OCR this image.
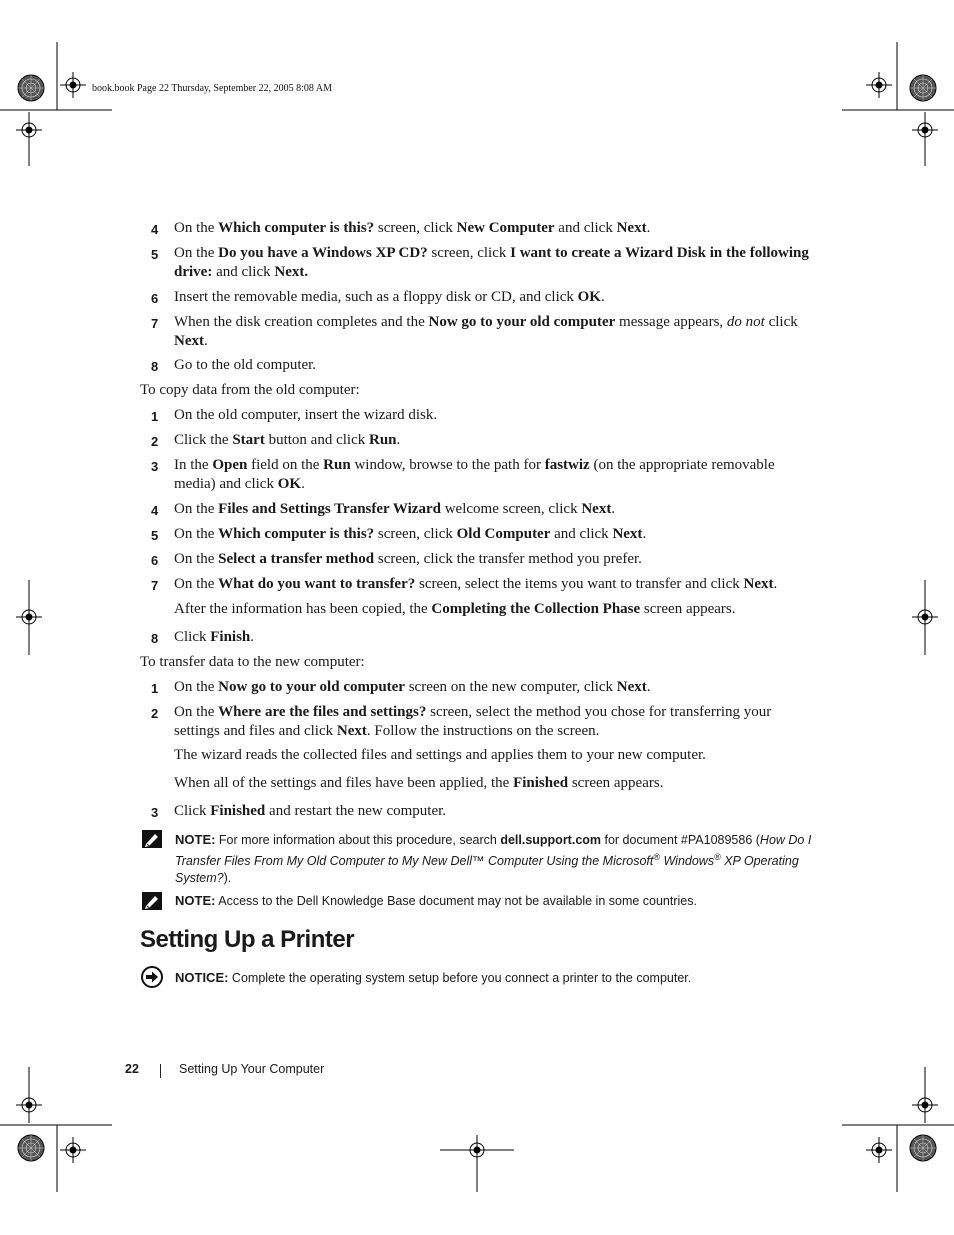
book.book Page 22 Thursday, September 22, 2005 8:08 AM
4 On the Which computer is this? screen, click New Computer and click Next.
5 On the Do you have a Windows XP CD? screen, click I want to create a Wizard Disk in the following
drive: and click Next.
6 Insert the removable media, such as a floppy disk or CD, and click OK.
7 When the disk creation completes and the Now go to your old computer message appears, do not click
Next.
8 Go to the old computer.
To copy data from the old computer:
1 On the old computer, insert the wizard disk.
2 Click the Start button and click Run.
3 In the Open field on the Run window, browse to the path for fastwiz (on the appropriate removable
media) and click OK.
4 On the Files and Settings Transfer Wizard welcome screen, click Next.
5 On the Which computer is this? screen, click Old Computer and click Next.
6 On the Select a transfer method screen, click the transfer method you prefer.
7 On the What do you want to transfer? screen, select the items you want to transfer and click Next.
After the information has been copied, the Completing the Collection Phase screen appears.
8 Click Finish.
To transfer data to the new computer:
1 On the Now go to your old computer screen on the new computer, click Next.
2 On the Where are the files and settings? screen, select the method you chose for transferring your
settings and files and click Next. Follow the instructions on the screen.
The wizard reads the collected files and settings and applies them to your new computer.
When all of the settings and files have been applied, the Finished screen appears.
3 Click Finished and restart the new computer.
NOTE: For more information about this procedure, search dell.support.com for document #PA1089586 (How Do I
Transfer Files From My Old Computer to My New Dell™ Computer Using the Microsoft® Windows® XP Operating
System?).
NOTE: Access to the Dell Knowledge Base document may not be available in some countries.
Setting Up a Printer
NOTICE: Complete the operating system setup before you connect a printer to the computer.
22	Setting Up Your Computer
